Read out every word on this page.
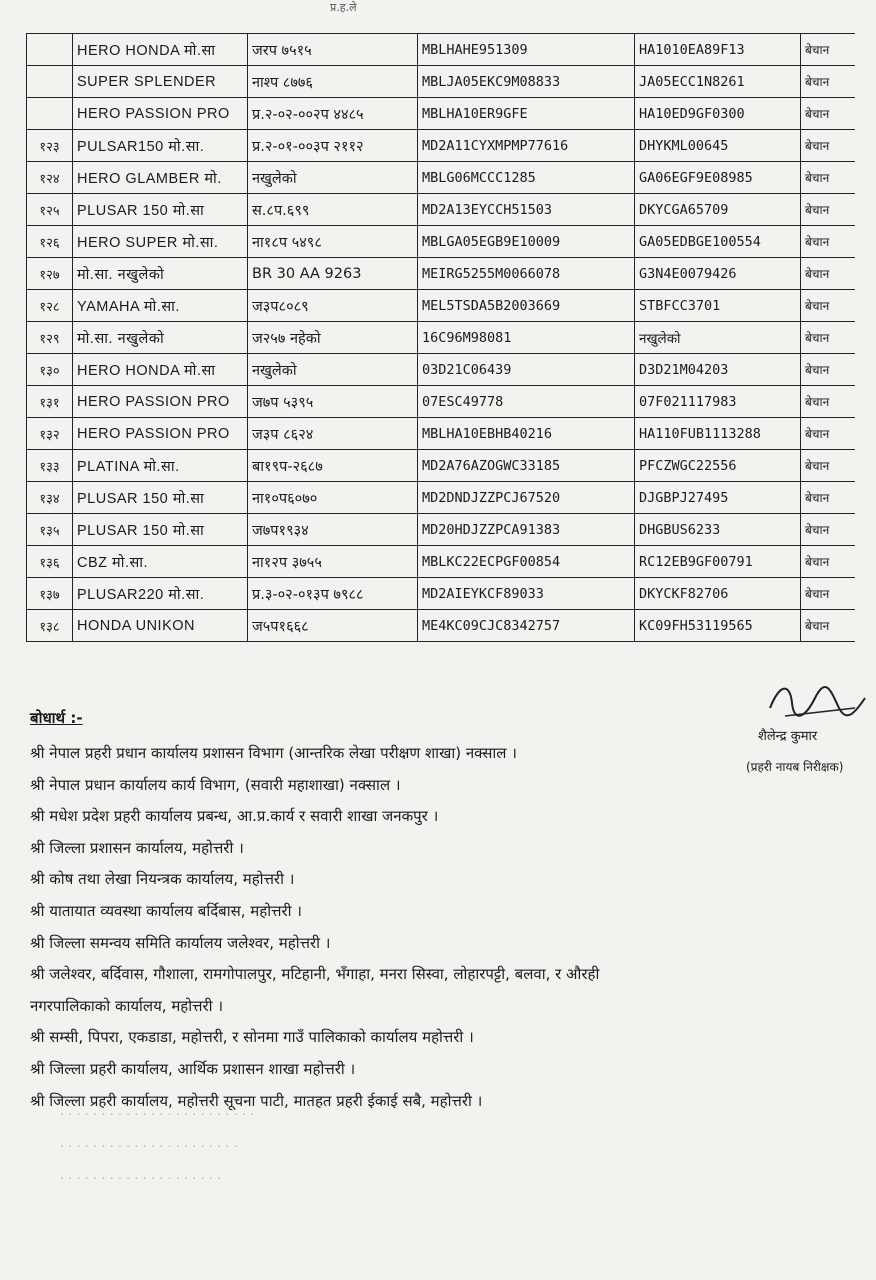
प्र.ह.ले
	HERO HONDA मो.सा	जरप ७५१५	MBLHAHE951309	HA1010EA89F13	बेचान
	SUPER SPLENDER	नाश्प ८७७६	MBLJA05EKC9M08833	JA05ECC1N8261	बेचान
	HERO PASSION PRO	प्र.२-०२-००२प ४४८५	MBLHA10ER9GFE	HA10ED9GF0300	बेचान
१२३	PULSAR150 मो.सा.	प्र.२-०१-००३प २११२	MD2A11CYXMPMP77616	DHYKML00645	बेचान
१२४	HERO GLAMBER मो.	नखुलेको	MBLG06MCCC1285	GA06EGF9E08985	बेचान
१२५	PLUSAR 150 मो.सा	स.८प.६९९	MD2A13EYCCH51503	DKYCGA65709	बेचान
१२६	HERO SUPER मो.सा.	ना१८प ५४९८	MBLGA05EGB9E10009	GA05EDBGE100554	बेचान
१२७	मो.सा. नखुलेको	BR 30 AA 9263	MEIRG5255M0066078	G3N4E0079426	बेचान
१२८	YAMAHA मो.सा.	ज३प८०८९	MEL5TSDA5B2003669	STBFCC3701	बेचान
१२९	मो.सा. नखुलेको	ज२५७ नहेको	16C96M98081	नखुलेको	बेचान
१३०	HERO HONDA मो.सा	नखुलेको	03D21C06439	D3D21M04203	बेचान
१३१	HERO PASSION PRO	ज७प ५३९५	07ESC49778	07F021117983	बेचान
१३२	HERO PASSION PRO	ज३प ८६२४	MBLHA10EBHB40216	HA110FUB1113288	बेचान
१३३	PLATINA मो.सा.	बा१९प-२६८७	MD2A76AZOGWC33185	PFCZWGC22556	बेचान
१३४	PLUSAR 150 मो.सा	ना१०प६०७०	MD2DNDJZZPCJ67520	DJGBPJ27495	बेचान
१३५	PLUSAR 150 मो.सा	ज७प१९३४	MD20HDJZZPCA91383	DHGBUS6233	बेचान
१३६	CBZ मो.सा.	ना१२प ३७५५	MBLKC22ECPGF00854	RC12EB9GF00791	बेचान
१३७	PLUSAR220 मो.सा.	प्र.३-०२-०१३प ७९८८	MD2AIEYKCF89033	DKYCKF82706	बेचान
१३८	HONDA UNIKON	ज५प१६६८	ME4KC09CJC8342757	KC09FH53119565	बेचान
शैलेन्द्र कुमार
(प्रहरी नायब निरीक्षक)
बोधार्थ :-
श्री नेपाल प्रहरी प्रधान कार्यालय प्रशासन विभाग (आन्तरिक लेखा परीक्षण शाखा) नक्साल ।
श्री नेपाल प्रधान कार्यालय कार्य विभाग, (सवारी महाशाखा) नक्साल ।
श्री मधेश प्रदेश प्रहरी कार्यालय प्रबन्ध, आ.प्र.कार्य र सवारी शाखा जनकपुर ।
श्री जिल्ला प्रशासन कार्यालय, महोत्तरी ।
श्री कोष तथा लेखा नियन्त्रक कार्यालय, महोत्तरी ।
श्री यातायात व्यवस्था कार्यालय बर्दिबास, महोत्तरी ।
श्री जिल्ला समन्वय समिति कार्यालय जलेश्वर, महोत्तरी ।
श्री जलेश्वर, बर्दिवास, गौशाला, रामगोपालपुर, मटिहानी, भँगाहा, मनरा सिस्वा, लोहारपट्टी, बलवा, र औरही नगरपालिकाको कार्यालय, महोत्तरी ।
श्री सम्सी, पिपरा, एकडाडा, महोत्तरी, र सोनमा गाउँ पालिकाको कार्यालय महोत्तरी ।
श्री जिल्ला प्रहरी कार्यालय, आर्थिक प्रशासन शाखा महोत्तरी ।
श्री जिल्ला प्रहरी कार्यालय, महोत्तरी सूचना पाटी, मातहत प्रहरी ईकाई सबै, महोत्तरी ।
· · · · · · · · · · · · · · · · · · · · · · · ·
· · · · · · · · · · · · · · · · · · · · · ·
· · · · · · · · · · · · · · · · · · · ·
